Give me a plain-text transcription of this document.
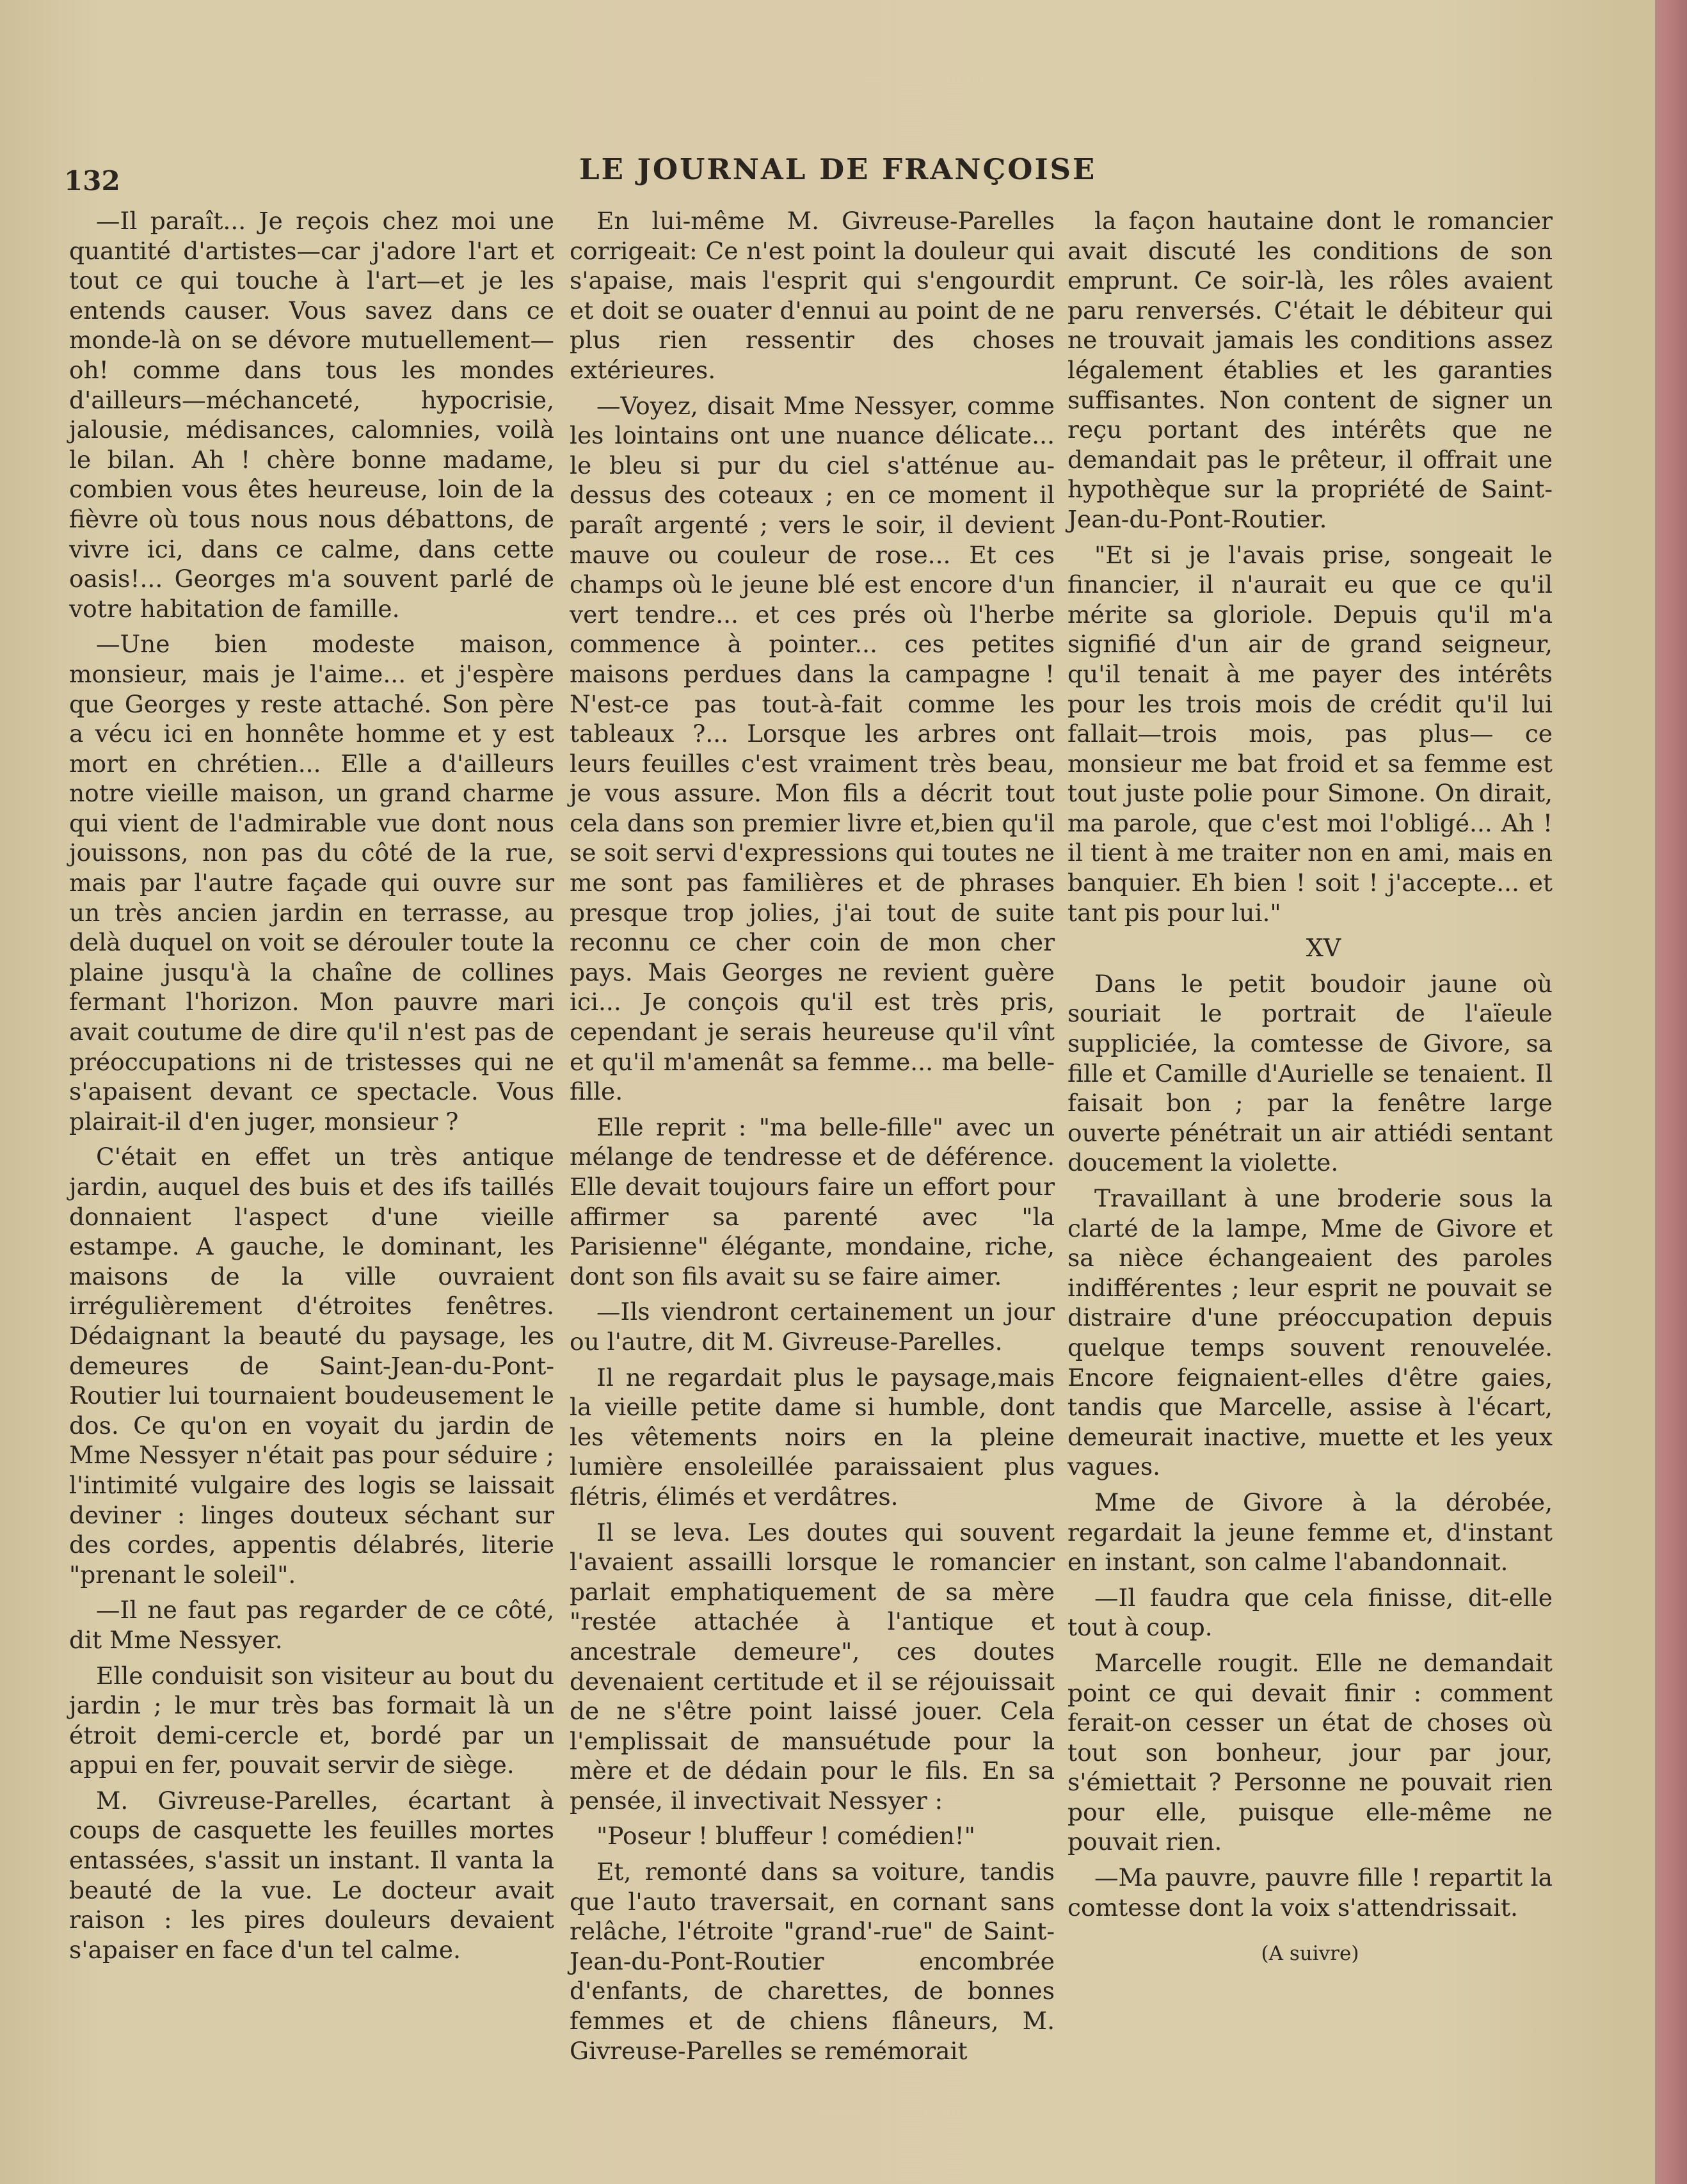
132	LE JOURNAL DE FRANÇOISE

—Il paraît... Je reçois chez moi une quantité d'artistes—car j'adore l'art et tout ce qui touche à l'art—et je les entends causer. Vous savez dans ce monde-là on se dévore mutuellement— oh! comme dans tous les mondes d'ailleurs—méchanceté, hypocrisie, jalousie, médisances, calomnies, voilà le bilan. Ah ! chère bonne madame, combien vous êtes heureuse, loin de la fièvre où tous nous nous débattons, de vivre ici, dans ce calme, dans cette oasis!... Georges m'a souvent parlé de votre habitation de famille.

—Une bien modeste maison, monsieur, mais je l'aime... et j'espère que Georges y reste attaché. Son père a vécu ici en honnête homme et y est mort en chrétien... Elle a d'ailleurs notre vieille maison, un grand charme qui vient de l'admirable vue dont nous jouissons, non pas du côté de la rue, mais par l'autre façade qui ouvre sur un très ancien jardin en terrasse, au delà duquel on voit se dérouler toute la plaine jusqu'à la chaîne de collines fermant l'horizon. Mon pauvre mari avait coutume de dire qu'il n'est pas de préoccupations ni de tristesses qui ne s'apaisent devant ce spectacle. Vous plairait-il d'en juger, monsieur ?

C'était en effet un très antique jardin, auquel des buis et des ifs taillés donnaient l'aspect d'une vieille estampe. A gauche, le dominant, les maisons de la ville ouvraient irrégulièrement d'étroites fenêtres. Dédaignant la beauté du paysage, les demeures de Saint-Jean-du-Pont-Routier lui tournaient boudeusement le dos. Ce qu'on en voyait du jardin de Mme Nessyer n'était pas pour séduire ; l'intimité vulgaire des logis se laissait deviner : linges douteux séchant sur des cordes, appentis délabrés, literie "prenant le soleil".

—Il ne faut pas regarder de ce côté, dit Mme Nessyer.

Elle conduisit son visiteur au bout du jardin ; le mur très bas formait là un étroit demi-cercle et, bordé par un appui en fer, pouvait servir de siège.

M. Givreuse-Parelles, écartant à coups de casquette les feuilles mortes entassées, s'assit un instant. Il vanta la beauté de la vue. Le docteur avait raison : les pires douleurs devaient s'apaiser en face d'un tel calme.

En lui-même M. Givreuse-Parelles corrigeait: Ce n'est point la douleur qui s'apaise, mais l'esprit qui s'engourdit et doit se ouater d'ennui au point de ne plus rien ressentir des choses extérieures.

—Voyez, disait Mme Nessyer, comme les lointains ont une nuance délicate... le bleu si pur du ciel s'atténue au-dessus des coteaux ; en ce moment il paraît argenté ; vers le soir, il devient mauve ou couleur de rose... Et ces champs où le jeune blé est encore d'un vert tendre... et ces prés où l'herbe commence à pointer... ces petites maisons perdues dans la campagne ! N'est-ce pas tout-à-fait comme les tableaux ?... Lorsque les arbres ont leurs feuilles c'est vraiment très beau, je vous assure. Mon fils a décrit tout cela dans son premier livre et,bien qu'il se soit servi d'expressions qui toutes ne me sont pas familières et de phrases presque trop jolies, j'ai tout de suite reconnu ce cher coin de mon cher pays. Mais Georges ne revient guère ici... Je conçois qu'il est très pris, cependant je serais heureuse qu'il vînt et qu'il m'amenât sa femme... ma belle-fille.

Elle reprit : "ma belle-fille" avec un mélange de tendresse et de déférence. Elle devait toujours faire un effort pour affirmer sa parenté avec "la Parisienne" élégante, mondaine, riche, dont son fils avait su se faire aimer.

—Ils viendront certainement un jour ou l'autre, dit M. Givreuse-Parelles.

Il ne regardait plus le paysage,mais la vieille petite dame si humble, dont les vêtements noirs en la pleine lumière ensoleillée paraissaient plus flétris, élimés et verdâtres.

Il se leva. Les doutes qui souvent l'avaient assailli lorsque le romancier parlait emphatiquement de sa mère "restée attachée à l'antique et ancestrale demeure", ces doutes devenaient certitude et il se réjouissait de ne s'être point laissé jouer. Cela l'emplissait de mansuétude pour la mère et de dédain pour le fils. En sa pensée, il invectivait Nessyer :

"Poseur ! bluffeur ! comédien!"

Et, remonté dans sa voiture, tandis que l'auto traversait, en cornant sans relâche, l'étroite "grand'-rue" de Saint-Jean-du-Pont-Routier encombrée d'enfants, de charettes, de bonnes femmes et de chiens flâneurs, M. Givreuse-Parelles se remémorait

la façon hautaine dont le romancier avait discuté les conditions de son emprunt. Ce soir-là, les rôles avaient paru renversés. C'était le débiteur qui ne trouvait jamais les conditions assez légalement établies et les garanties suffisantes. Non content de signer un reçu portant des intérêts que ne demandait pas le prêteur, il offrait une hypothèque sur la propriété de Saint-Jean-du-Pont-Routier.

"Et si je l'avais prise, songeait le financier, il n'aurait eu que ce qu'il mérite sa gloriole. Depuis qu'il m'a signifié d'un air de grand seigneur, qu'il tenait à me payer des intérêts pour les trois mois de crédit qu'il lui fallait—trois mois, pas plus— ce monsieur me bat froid et sa femme est tout juste polie pour Simone. On dirait, ma parole, que c'est moi l'obligé... Ah ! il tient à me traiter non en ami, mais en banquier. Eh bien ! soit ! j'accepte... et tant pis pour lui."

XV

Dans le petit boudoir jaune où souriait le portrait de l'aïeule suppliciée, la comtesse de Givore, sa fille et Camille d'Aurielle se tenaient. Il faisait bon ; par la fenêtre large ouverte pénétrait un air attiédi sentant doucement la violette.

Travaillant à une broderie sous la clarté de la lampe, Mme de Givore et sa nièce échangeaient des paroles indifférentes ; leur esprit ne pouvait se distraire d'une préoccupation depuis quelque temps souvent renouvelée. Encore feignaient-elles d'être gaies, tandis que Marcelle, assise à l'écart, demeurait inactive, muette et les yeux vagues.

Mme de Givore à la dérobée, regardait la jeune femme et, d'instant en instant, son calme l'abandonnait.

—Il faudra que cela finisse, dit-elle tout à coup.

Marcelle rougit. Elle ne demandait point ce qui devait finir : comment ferait-on cesser un état de choses où tout son bonheur, jour par jour, s'émiettait ? Personne ne pouvait rien pour elle, puisque elle-même ne pouvait rien.

—Ma pauvre, pauvre fille ! repartit la comtesse dont la voix s'attendrissait.

(A suivre)
